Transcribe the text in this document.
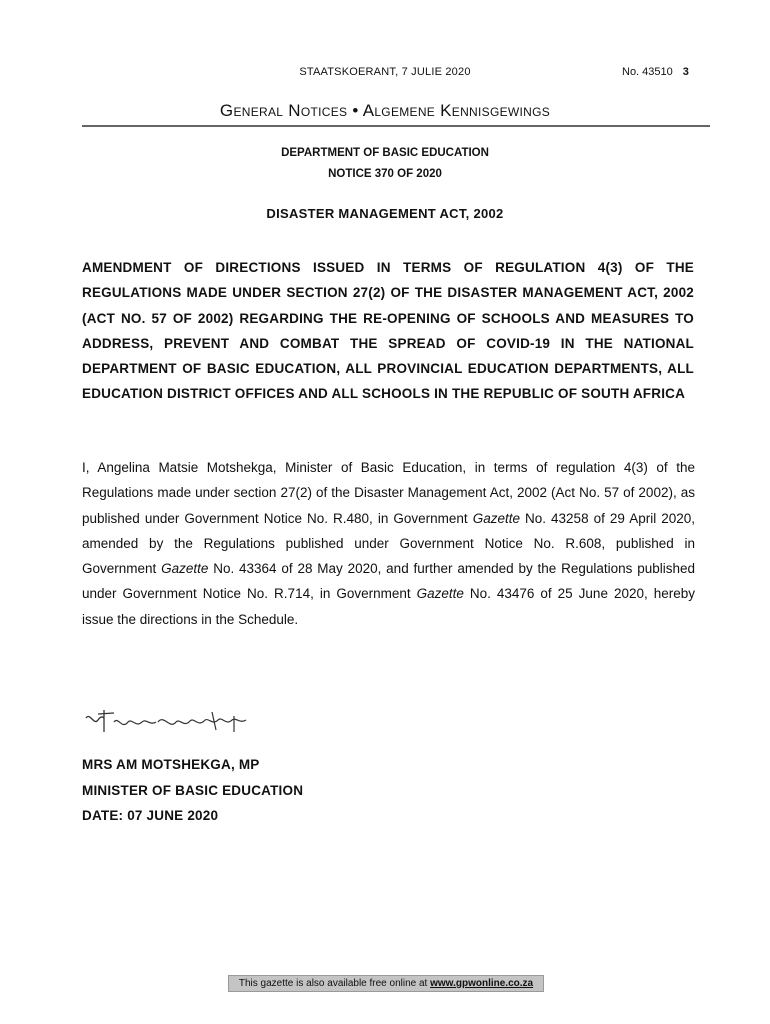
STAATSKOERANT, 7 JULIE 2020	No. 43510 3
General Notices • Algemene Kennisgewings
DEPARTMENT OF BASIC EDUCATION
NOTICE 370 OF 2020
DISASTER MANAGEMENT ACT, 2002
AMENDMENT OF DIRECTIONS ISSUED IN TERMS OF REGULATION 4(3) OF THE REGULATIONS MADE UNDER SECTION 27(2) OF THE DISASTER MANAGEMENT ACT, 2002 (ACT NO. 57 OF 2002) REGARDING THE RE-OPENING OF SCHOOLS AND MEASURES TO ADDRESS, PREVENT AND COMBAT THE SPREAD OF COVID-19 IN THE NATIONAL DEPARTMENT OF BASIC EDUCATION, ALL PROVINCIAL EDUCATION DEPARTMENTS, ALL EDUCATION DISTRICT OFFICES AND ALL SCHOOLS IN THE REPUBLIC OF SOUTH AFRICA
I, Angelina Matsie Motshekga, Minister of Basic Education, in terms of regulation 4(3) of the Regulations made under section 27(2) of the Disaster Management Act, 2002 (Act No. 57 of 2002), as published under Government Notice No. R.480, in Government Gazette No. 43258 of 29 April 2020, amended by the Regulations published under Government Notice No. R.608, published in Government Gazette No. 43364 of 28 May 2020, and further amended by the Regulations published under Government Notice No. R.714, in Government Gazette No. 43476 of 25 June 2020, hereby issue the directions in the Schedule.
MRS AM MOTSHEKGA, MP
MINISTER OF BASIC EDUCATION
DATE: 07 JUNE 2020
This gazette is also available free online at www.gpwonline.co.za
